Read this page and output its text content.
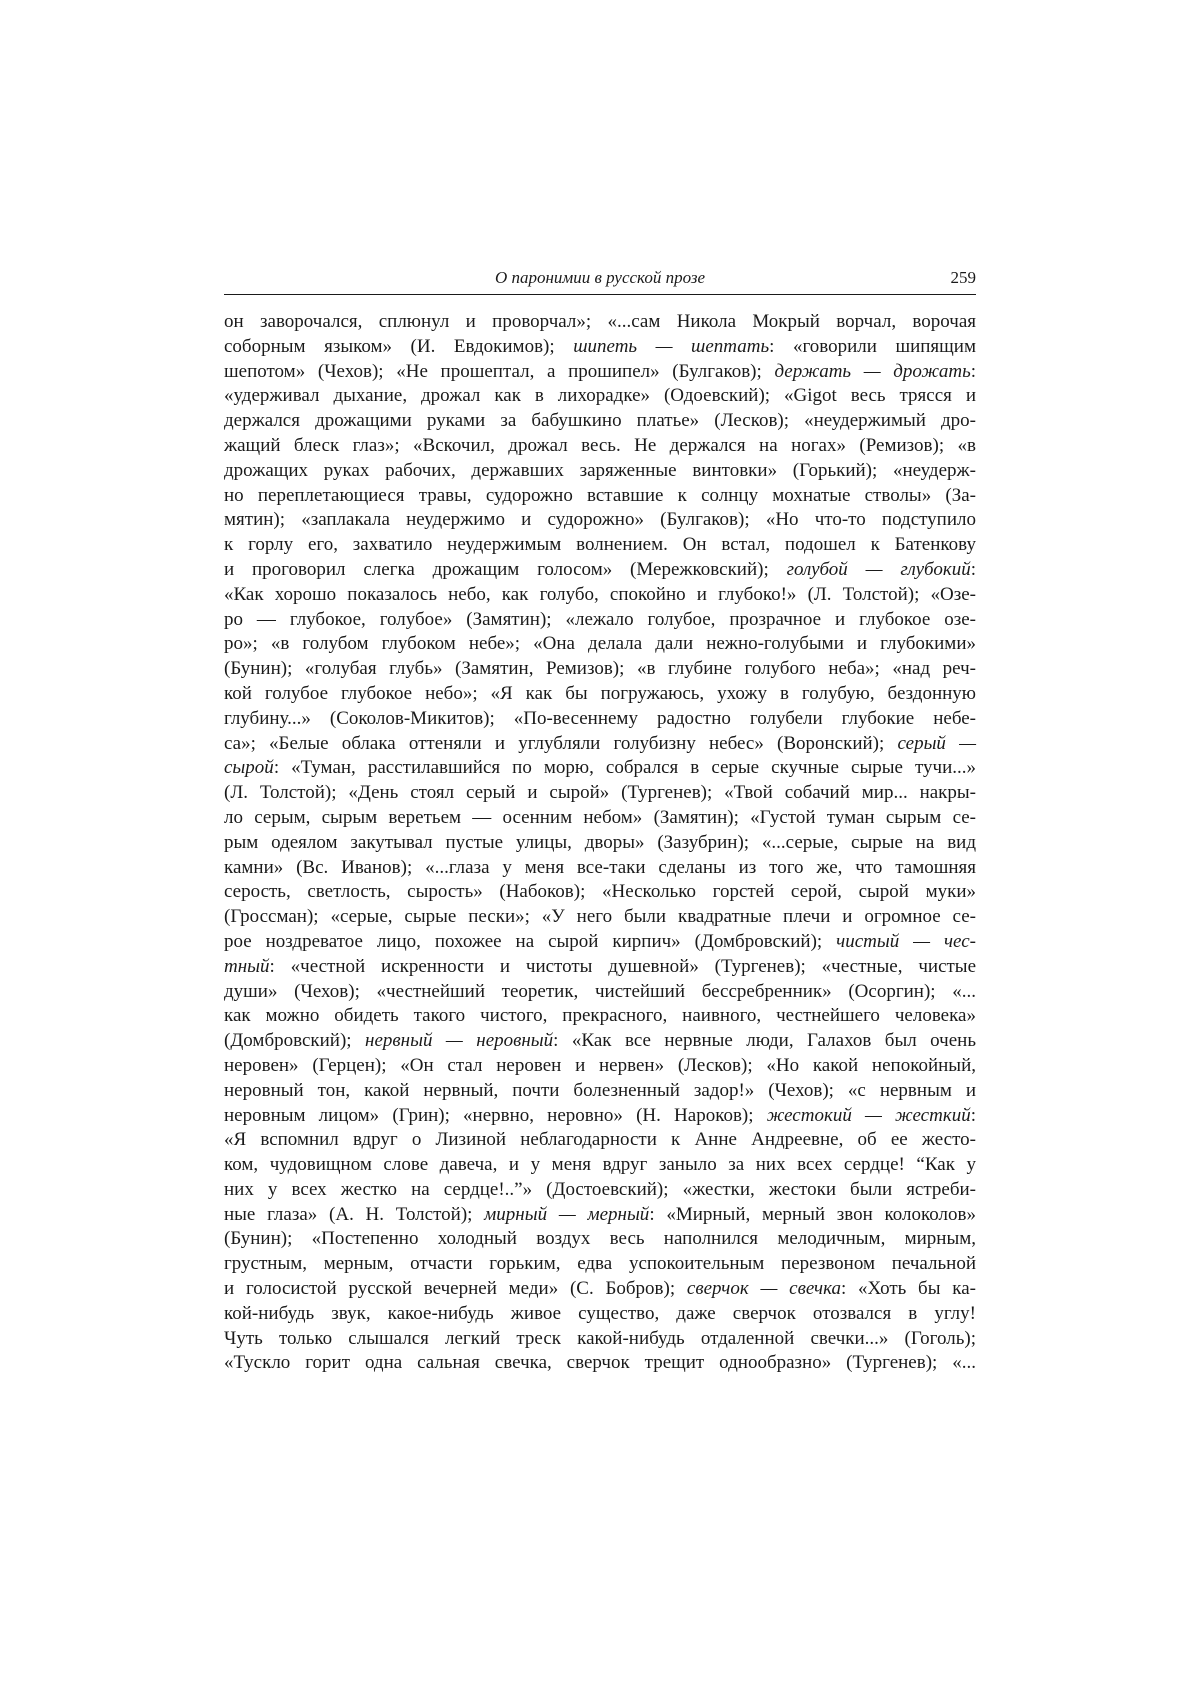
О паронимии в русской прозе	259
он заворочался, сплюнул и проворчал»; «...сам Никола Мокрый ворчал, ворочая
соборным языком» (И. Евдокимов); шипеть — шептать: «говорили шипящим
шепотом» (Чехов); «Не прошептал, а прошипел» (Булгаков); держать — дрожать:
«удерживал дыхание, дрожал как в лихорадке» (Одоевский); «Gigot весь трясся и
держался дрожащими руками за бабушкино платье» (Лесков); «неудержимый дро-
жащий блеск глаз»; «Вскочил, дрожал весь. Не держался на ногах» (Ремизов); «в
дрожащих руках рабочих, державших заряженные винтовки» (Горький); «неудерж-
но переплетающиеся травы, судорожно вставшие к солнцу мохнатые стволы» (За-
мятин); «заплакала неудержимо и судорожно» (Булгаков); «Но что-то подступило
к горлу его, захватило неудержимым волнением. Он встал, подошел к Батенкову
и проговорил слегка дрожащим голосом» (Мережковский); голубой — глубокий:
«Как хорошо показалось небо, как голубо, спокойно и глубоко!» (Л. Толстой); «Озе-
ро — глубокое, голубое» (Замятин); «лежало голубое, прозрачное и глубокое озе-
ро»; «в голубом глубоком небе»; «Она делала дали нежно-голубыми и глубокими»
(Бунин); «голубая глубь» (Замятин, Ремизов); «в глубине голубого неба»; «над реч-
кой голубое глубокое небо»; «Я как бы погружаюсь, ухожу в голубую, бездонную
глубину...» (Соколов-Микитов); «По-весеннему радостно голубели глубокие небе-
са»; «Белые облака оттеняли и углубляли голубизну небес» (Воронский); серый —
сырой: «Туман, расстилавшийся по морю, собрался в серые скучные сырые тучи...»
(Л. Толстой); «День стоял серый и сырой» (Тургенев); «Твой собачий мир... накры-
ло серым, сырым веретьем — осенним небом» (Замятин); «Густой туман сырым се-
рым одеялом закутывал пустые улицы, дворы» (Зазубрин); «...серые, сырые на вид
камни» (Вс. Иванов); «...глаза у меня все-таки сделаны из того же, что тамошняя
серость, светлость, сырость» (Набоков); «Несколько горстей серой, сырой муки»
(Гроссман); «серые, сырые пески»; «У него были квадратные плечи и огромное се-
рое ноздреватое лицо, похожее на сырой кирпич» (Домбровский); чистый — чес-
тный: «честной искренности и чистоты душевной» (Тургенев); «честные, чистые
души» (Чехов); «честнейший теоретик, чистейший бессребренник» (Осоргин); «...
как можно обидеть такого чистого, прекрасного, наивного, честнейшего человека»
(Домбровский); нервный — неровный: «Как все нервные люди, Галахов был очень
неровен» (Герцен); «Он стал неровен и нервен» (Лесков); «Но какой непокойный,
неровный тон, какой нервный, почти болезненный задор!» (Чехов); «с нервным и
неровным лицом» (Грин); «нервно, неровно» (Н. Нароков); жестокий — жесткий:
«Я вспомнил вдруг о Лизиной неблагодарности к Анне Андреевне, об ее жесто-
ком, чудовищном слове давеча, и у меня вдруг заныло за них всех сердце! “Как у
них у всех жестко на сердце!..”» (Достоевский); «жестки, жестоки были ястреби-
ные глаза» (А. Н. Толстой); мирный — мерный: «Мирный, мерный звон колоколов»
(Бунин); «Постепенно холодный воздух весь наполнился мелодичным, мирным,
грустным, мерным, отчасти горьким, едва успокоительным перезвоном печальной
и голосистой русской вечерней меди» (С. Бобров); сверчок — свечка: «Хоть бы ка-
кой-нибудь звук, какое-нибудь живое существо, даже сверчок отозвался в углу!
Чуть только слышался легкий треск какой-нибудь отдаленной свечки...» (Гоголь);
«Тускло горит одна сальная свечка, сверчок трещит однообразно» (Тургенев); «...
